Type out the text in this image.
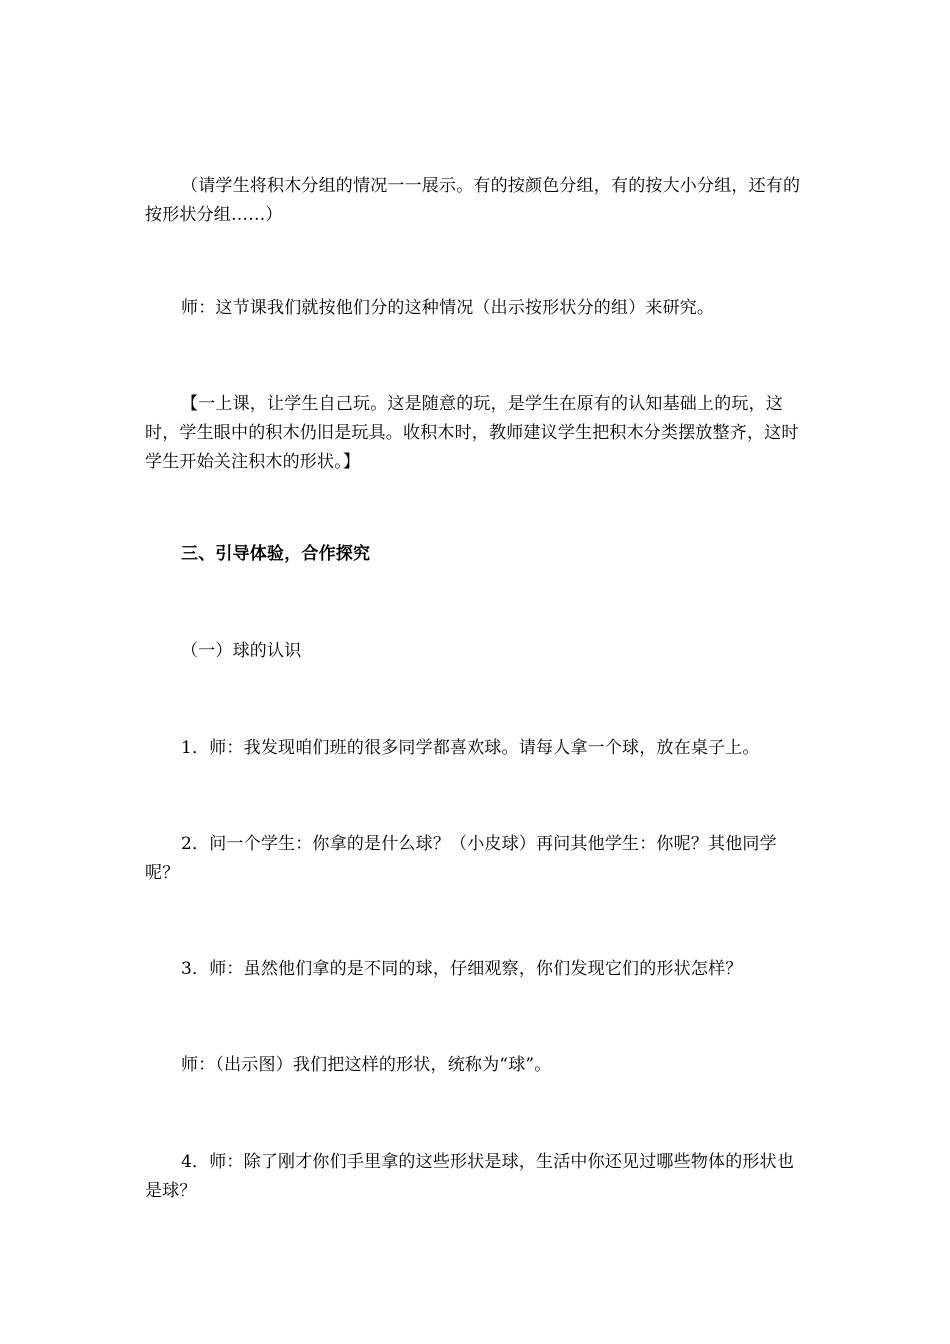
（请学生将积木分组的情况一一展示。有的按颜色分组，有的按大小分组，还有的按形状分组……）

师：这节课我们就按他们分的这种情况（出示按形状分的组）来研究。

【一上课，让学生自己玩。这是随意的玩，是学生在原有的认知基础上的玩，这时，学生眼中的积木仍旧是玩具。收积木时，教师建议学生把积木分类摆放整齐，这时学生开始关注积木的形状。】

三、引导体验，合作探究

（一）球的认识

1．师：我发现咱们班的很多同学都喜欢球。请每人拿一个球，放在桌子上。

2．问一个学生：你拿的是什么球？（小皮球）再问其他学生：你呢？其他同学呢？

3．师：虽然他们拿的是不同的球，仔细观察，你们发现它们的形状怎样？

师：（出示图）我们把这样的形状，统称为“球”。

4．师：除了刚才你们手里拿的这些形状是球，生活中你还见过哪些物体的形状也是球？
